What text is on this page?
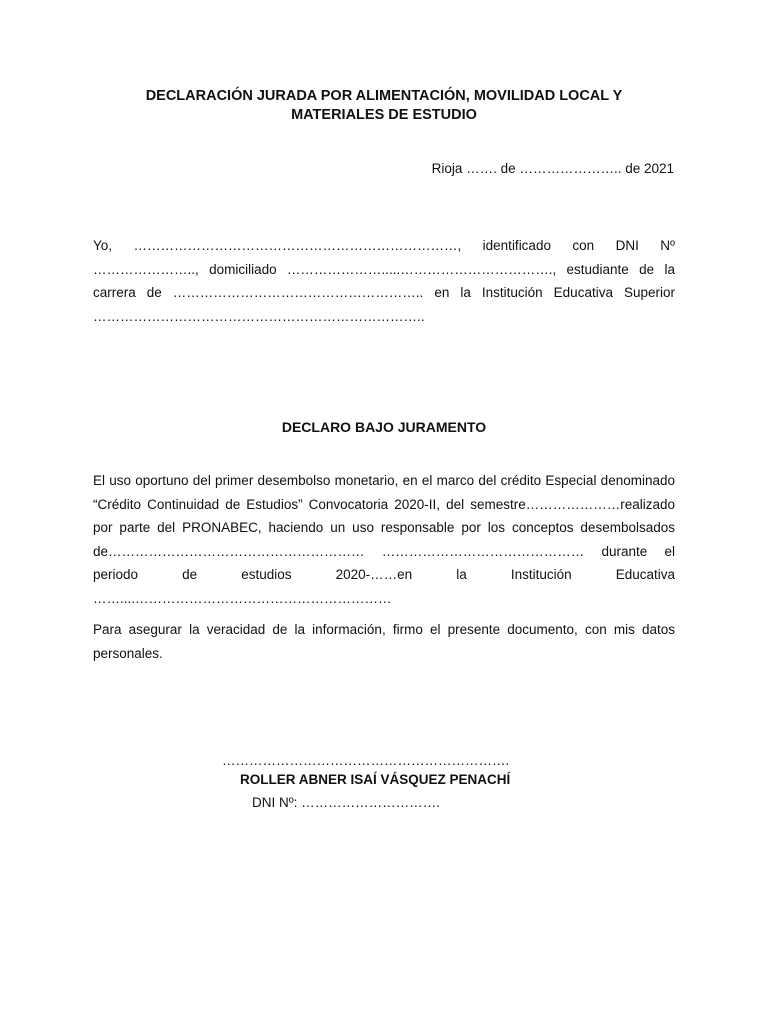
DECLARACIÓN JURADA POR ALIMENTACIÓN, MOVILIDAD LOCAL Y
MATERIALES DE ESTUDIO
Rioja ……. de ………………….. de 2021

Yo, ………………………………………………………………, identificado con DNI Nº ………………….., domiciliado ………………….....……………………………., estudiante de la carrera de ……………………………………………….. en la Institución Educativa Superior ………………………………………………………………..

DECLARO BAJO JURAMENTO

El uso oportuno del primer desembolso monetario, en el marco del crédito Especial denominado “Crédito Continuidad de Estudios” Convocatoria 2020-II, del semestre…………………realizado por parte del PRONABEC, haciendo un uso responsable por los conceptos desembolsados de………………………………………………… ……………………………………… durante el periodo de estudios 2020-……en la Institución Educativa ……....…………………………………………………

Para asegurar la veracidad de la información, firmo el presente documento, con mis datos personales.

……………………………………………………….
ROLLER ABNER ISAÍ VÁSQUEZ PENACHÍ
DNI Nº: ………………………….
